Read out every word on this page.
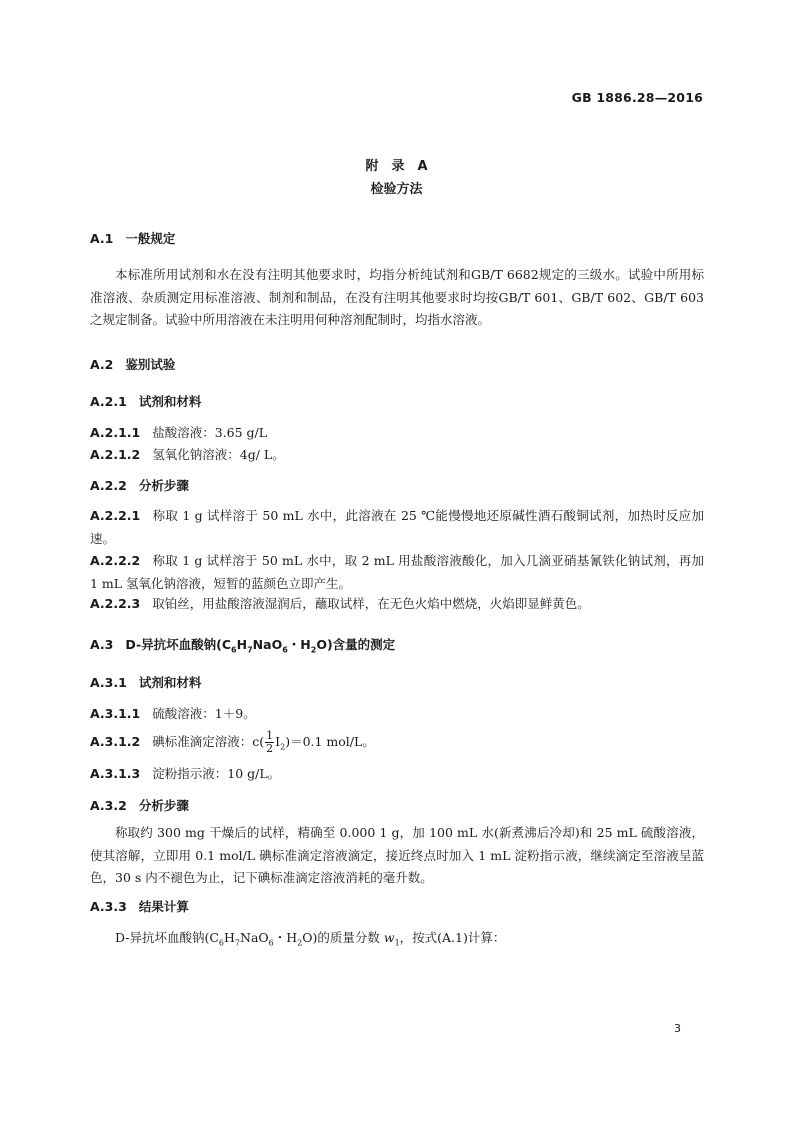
GB 1886.28—2016
附　录　A
检验方法
A.1 一般规定
本标准所用试剂和水在没有注明其他要求时，均指分析纯试剂和GB/T 6682规定的三级水。试验中所用标准溶液、杂质测定用标准溶液、制剂和制品，在没有注明其他要求时均按GB/T 601、GB/T 602、GB/T 603之规定制备。试验中所用溶液在未注明用何种溶剂配制时，均指水溶液。
A.2 鉴别试验
A.2.1 试剂和材料
A.2.1.1 盐酸溶液：3.65 g/L
A.2.1.2 氢氧化钠溶液：4g/ L。
A.2.2 分析步骤
A.2.2.1 称取 1 g 试样溶于 50 mL 水中，此溶液在 25 ℃能慢慢地还原碱性酒石酸铜试剂，加热时反应加速。
A.2.2.2 称取 1 g 试样溶于 50 mL 水中，取 2 mL 用盐酸溶液酸化，加入几滴亚硝基氰铁化钠试剂，再加 1 mL 氢氧化钠溶液，短暂的蓝颜色立即产生。
A.2.2.3 取铂丝，用盐酸溶液湿润后，蘸取试样，在无色火焰中燃烧，火焰即显鲜黄色。
A.3 D-异抗坏血酸钠($C_6H_7NaO_6$・$H_2O$)含量的测定
A.3.1 试剂和材料
A.3.1.1 硫酸溶液：1＋9。
A.3.1.2 碘标准滴定溶液：$c( \frac{1}{2} I_2)=0.1$ mol/L。
A.3.1.3 淀粉指示液：10 g/L。
A.3.2 分析步骤
称取约 300 mg 干燥后的试样，精确至 0.000 1 g，加 100 mL 水(新煮沸后冷却)和 25 mL 硫酸溶液，使其溶解，立即用 0.1 mol/L 碘标准滴定溶液滴定，接近终点时加入 1 mL 淀粉指示液，继续滴定至溶液呈蓝色，30 s 内不褪色为止，记下碘标准滴定溶液消耗的毫升数。
A.3.3 结果计算
D-异抗坏血酸钠($C_6H_7NaO_6$・$H_2O$)的质量分数 $w_1$，按式(A.1)计算：
3
